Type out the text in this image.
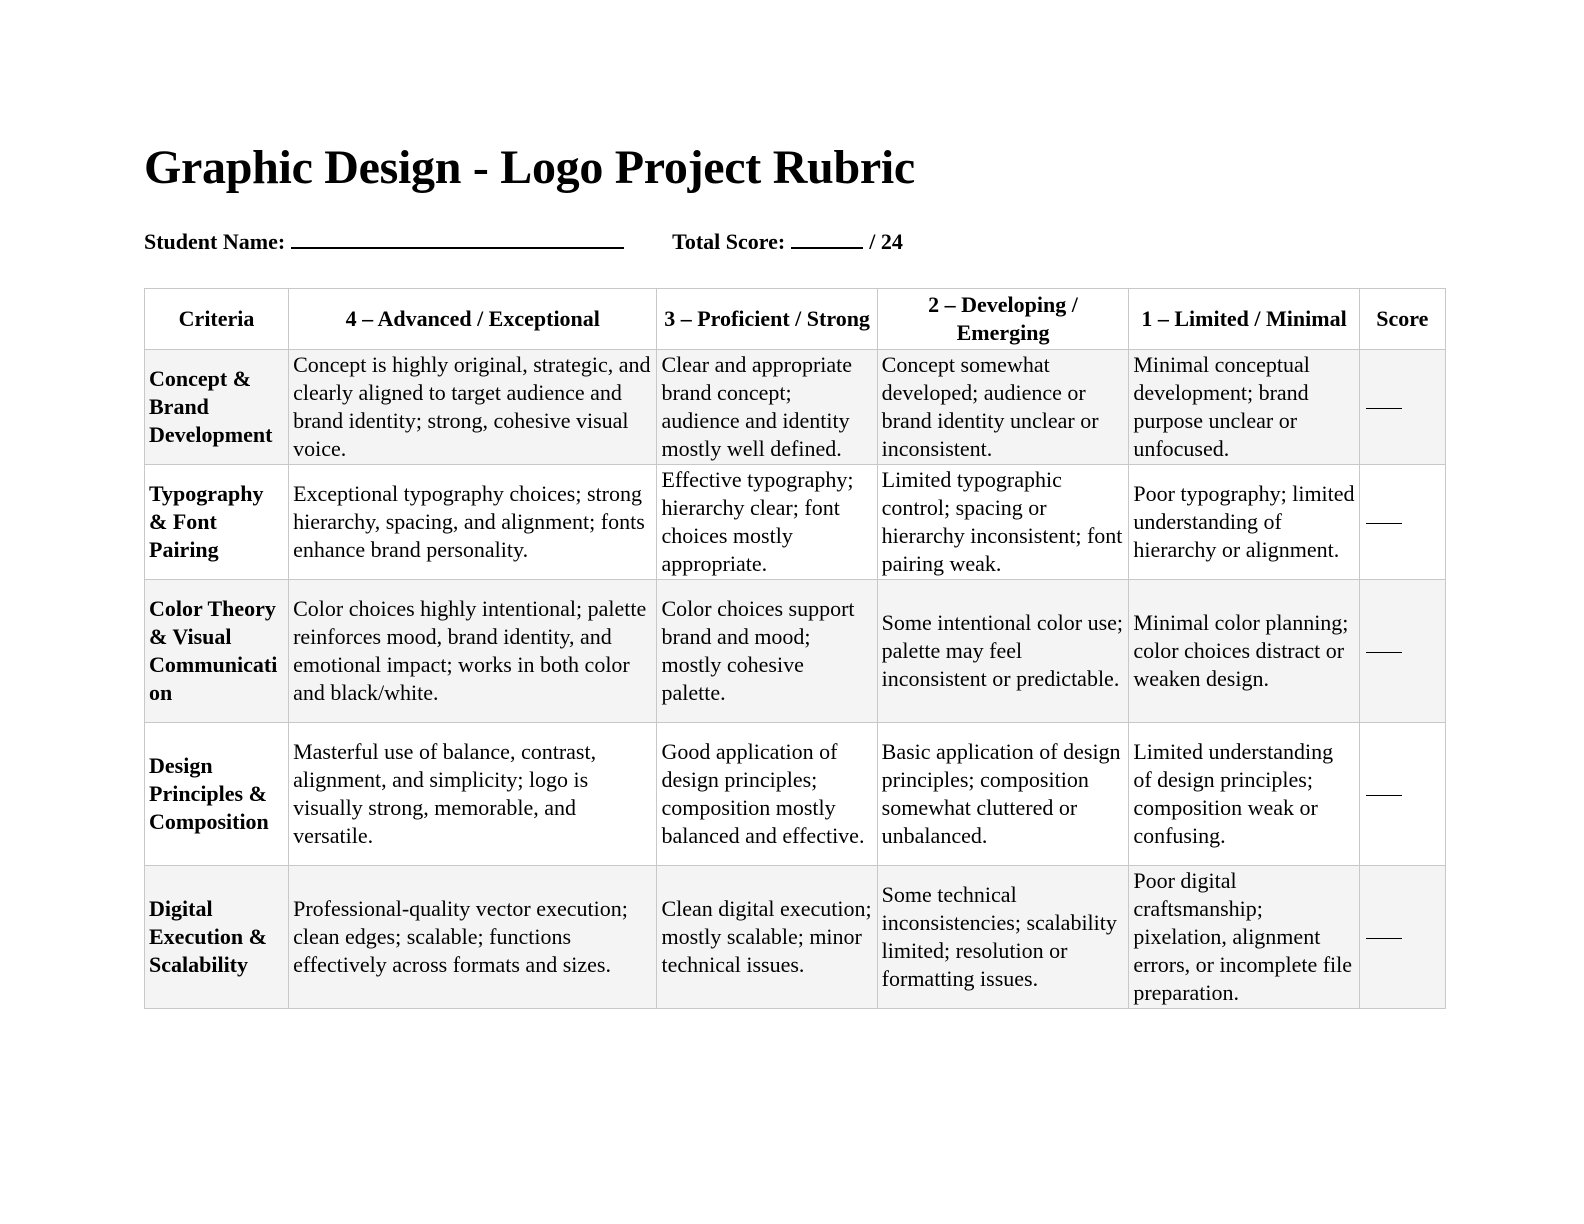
Graphic Design - Logo Project Rubric
Student Name:	Total Score:	/ 24
Criteria	4 – Advanced / Exceptional	3 – Proficient / Strong	2 – Developing / Emerging	1 – Limited / Minimal	Score
Concept & Brand Development	Concept is highly original, strategic, and clearly aligned to target audience and brand identity; strong, cohesive visual voice.	Clear and appropriate brand concept; audience and identity mostly well defined.	Concept somewhat developed; audience or brand identity unclear or inconsistent.	Minimal conceptual development; brand purpose unclear or unfocused.	
Typography & Font Pairing	Exceptional typography choices; strong hierarchy, spacing, and alignment; fonts enhance brand personality.	Effective typography; hierarchy clear; font choices mostly appropriate.	Limited typographic control; spacing or hierarchy inconsistent; font pairing weak.	Poor typography; limited understanding of hierarchy or alignment.	
Color Theory & Visual Communication	Color choices highly intentional; palette reinforces mood, brand identity, and emotional impact; works in both color and black/white.	Color choices support brand and mood; mostly cohesive palette.	Some intentional color use; palette may feel inconsistent or predictable.	Minimal color planning; color choices distract or weaken design.	
Design Principles & Composition	Masterful use of balance, contrast, alignment, and simplicity; logo is visually strong, memorable, and versatile.	Good application of design principles; composition mostly balanced and effective.	Basic application of design principles; composition somewhat cluttered or unbalanced.	Limited understanding of design principles; composition weak or confusing.	
Digital Execution & Scalability	Professional-quality vector execution; clean edges; scalable; functions effectively across formats and sizes.	Clean digital execution; mostly scalable; minor technical issues.	Some technical inconsistencies; scalability limited; resolution or formatting issues.	Poor digital craftsmanship; pixelation, alignment errors, or incomplete file preparation.	
